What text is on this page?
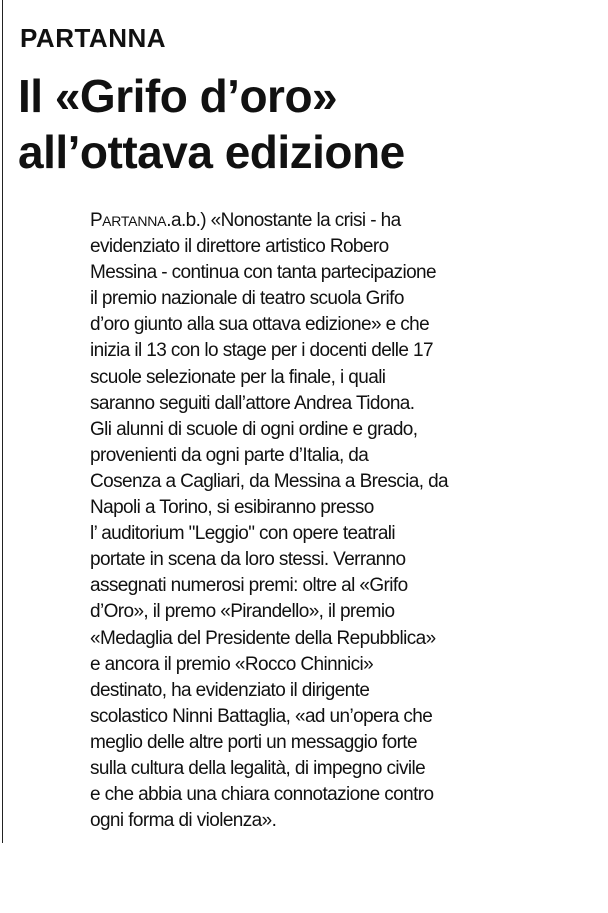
PARTANNA
Il «Grifo d’oro»
all’ottava edizione
PARTANNA.a.b.) «Nonostante la crisi - ha
evidenziato il direttore artistico Robero
Messina - continua con tanta partecipazione
il premio nazionale di teatro scuola Grifo
d’oro giunto alla sua ottava edizione» e che
inizia il 13 con lo stage per i docenti delle 17
scuole selezionate per la finale, i quali
saranno seguiti dall’attore Andrea Tidona.
Gli alunni di scuole di ogni ordine e grado,
provenienti da ogni parte d’Italia, da
Cosenza a Cagliari, da Messina a Brescia, da
Napoli a Torino, si esibiranno presso
l’ auditorium "Leggio" con opere teatrali
portate in scena da loro stessi. Verranno
assegnati numerosi premi: oltre al «Grifo
d’Oro», il premo «Pirandello», il premio
«Medaglia del Presidente della Repubblica»
e ancora il premio «Rocco Chinnici»
destinato, ha evidenziato il dirigente
scolastico Ninni Battaglia, «ad un’opera che
meglio delle altre porti un messaggio forte
sulla cultura della legalità, di impegno civile
e che abbia una chiara connotazione contro
ogni forma di violenza».
